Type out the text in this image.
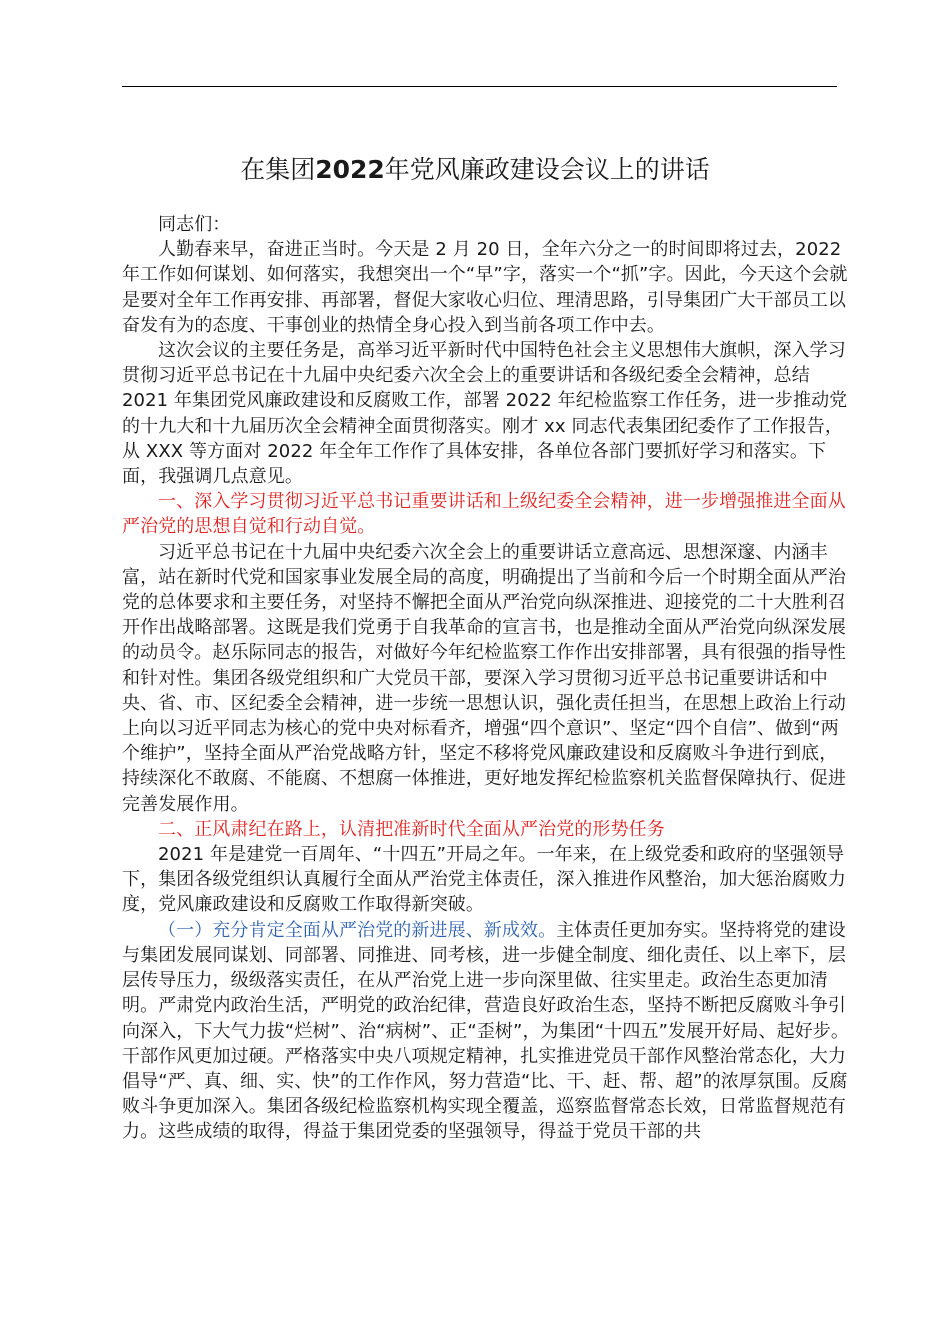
在集团2022年党风廉政建设会议上的讲话

同志们：

人勤春来早，奋进正当时。今天是 2 月 20 日，全年六分之一的时间即将过去，2022 年工作如何谋划、如何落实，我想突出一个“早”字，落实一个“抓”字。因此，今天这个会就是要对全年工作再安排、再部署，督促大家收心归位、理清思路，引导集团广大干部员工以奋发有为的态度、干事创业的热情全身心投入到当前各项工作中去。

这次会议的主要任务是，高举习近平新时代中国特色社会主义思想伟大旗帜，深入学习贯彻习近平总书记在十九届中央纪委六次全会上的重要讲话和各级纪委全会精神，总结 2021 年集团党风廉政建设和反腐败工作，部署 2022 年纪检监察工作任务，进一步推动党的十九大和十九届历次全会精神全面贯彻落实。刚才 xx 同志代表集团纪委作了工作报告，从 XXX 等方面对 2022 年全年工作作了具体安排，各单位各部门要抓好学习和落实。下面，我强调几点意见。

一、深入学习贯彻习近平总书记重要讲话和上级纪委全会精神，进一步增强推进全面从严治党的思想自觉和行动自觉。

习近平总书记在十九届中央纪委六次全会上的重要讲话立意高远、思想深邃、内涵丰富，站在新时代党和国家事业发展全局的高度，明确提出了当前和今后一个时期全面从严治党的总体要求和主要任务，对坚持不懈把全面从严治党向纵深推进、迎接党的二十大胜利召开作出战略部署。这既是我们党勇于自我革命的宣言书，也是推动全面从严治党向纵深发展的动员令。赵乐际同志的报告，对做好今年纪检监察工作作出安排部署，具有很强的指导性和针对性。集团各级党组织和广大党员干部，要深入学习贯彻习近平总书记重要讲话和中央、省、市、区纪委全会精神，进一步统一思想认识，强化责任担当，在思想上政治上行动上向以习近平同志为核心的党中央对标看齐，增强“四个意识”、坚定“四个自信”、做到“两个维护”，坚持全面从严治党战略方针，坚定不移将党风廉政建设和反腐败斗争进行到底，持续深化不敢腐、不能腐、不想腐一体推进，更好地发挥纪检监察机关监督保障执行、促进完善发展作用。

二、正风肃纪在路上，认清把准新时代全面从严治党的形势任务

2021 年是建党一百周年、“十四五”开局之年。一年来，在上级党委和政府的坚强领导下，集团各级党组织认真履行全面从严治党主体责任，深入推进作风整治，加大惩治腐败力度，党风廉政建设和反腐败工作取得新突破。

（一）充分肯定全面从严治党的新进展、新成效。主体责任更加夯实。坚持将党的建设与集团发展同谋划、同部署、同推进、同考核，进一步健全制度、细化责任、以上率下，层层传导压力，级级落实责任，在从严治党上进一步向深里做、往实里走。政治生态更加清明。严肃党内政治生活，严明党的政治纪律，营造良好政治生态，坚持不断把反腐败斗争引向深入，下大气力拔“烂树”、治“病树”、正“歪树”，为集团“十四五”发展开好局、起好步。干部作风更加过硬。严格落实中央八项规定精神，扎实推进党员干部作风整治常态化，大力倡导“严、真、细、实、快”的工作作风，努力营造“比、干、赶、帮、超”的浓厚氛围。反腐败斗争更加深入。集团各级纪检监察机构实现全覆盖，巡察监督常态长效，日常监督规范有力。这些成绩的取得，得益于集团党委的坚强领导，得益于党员干部的共
